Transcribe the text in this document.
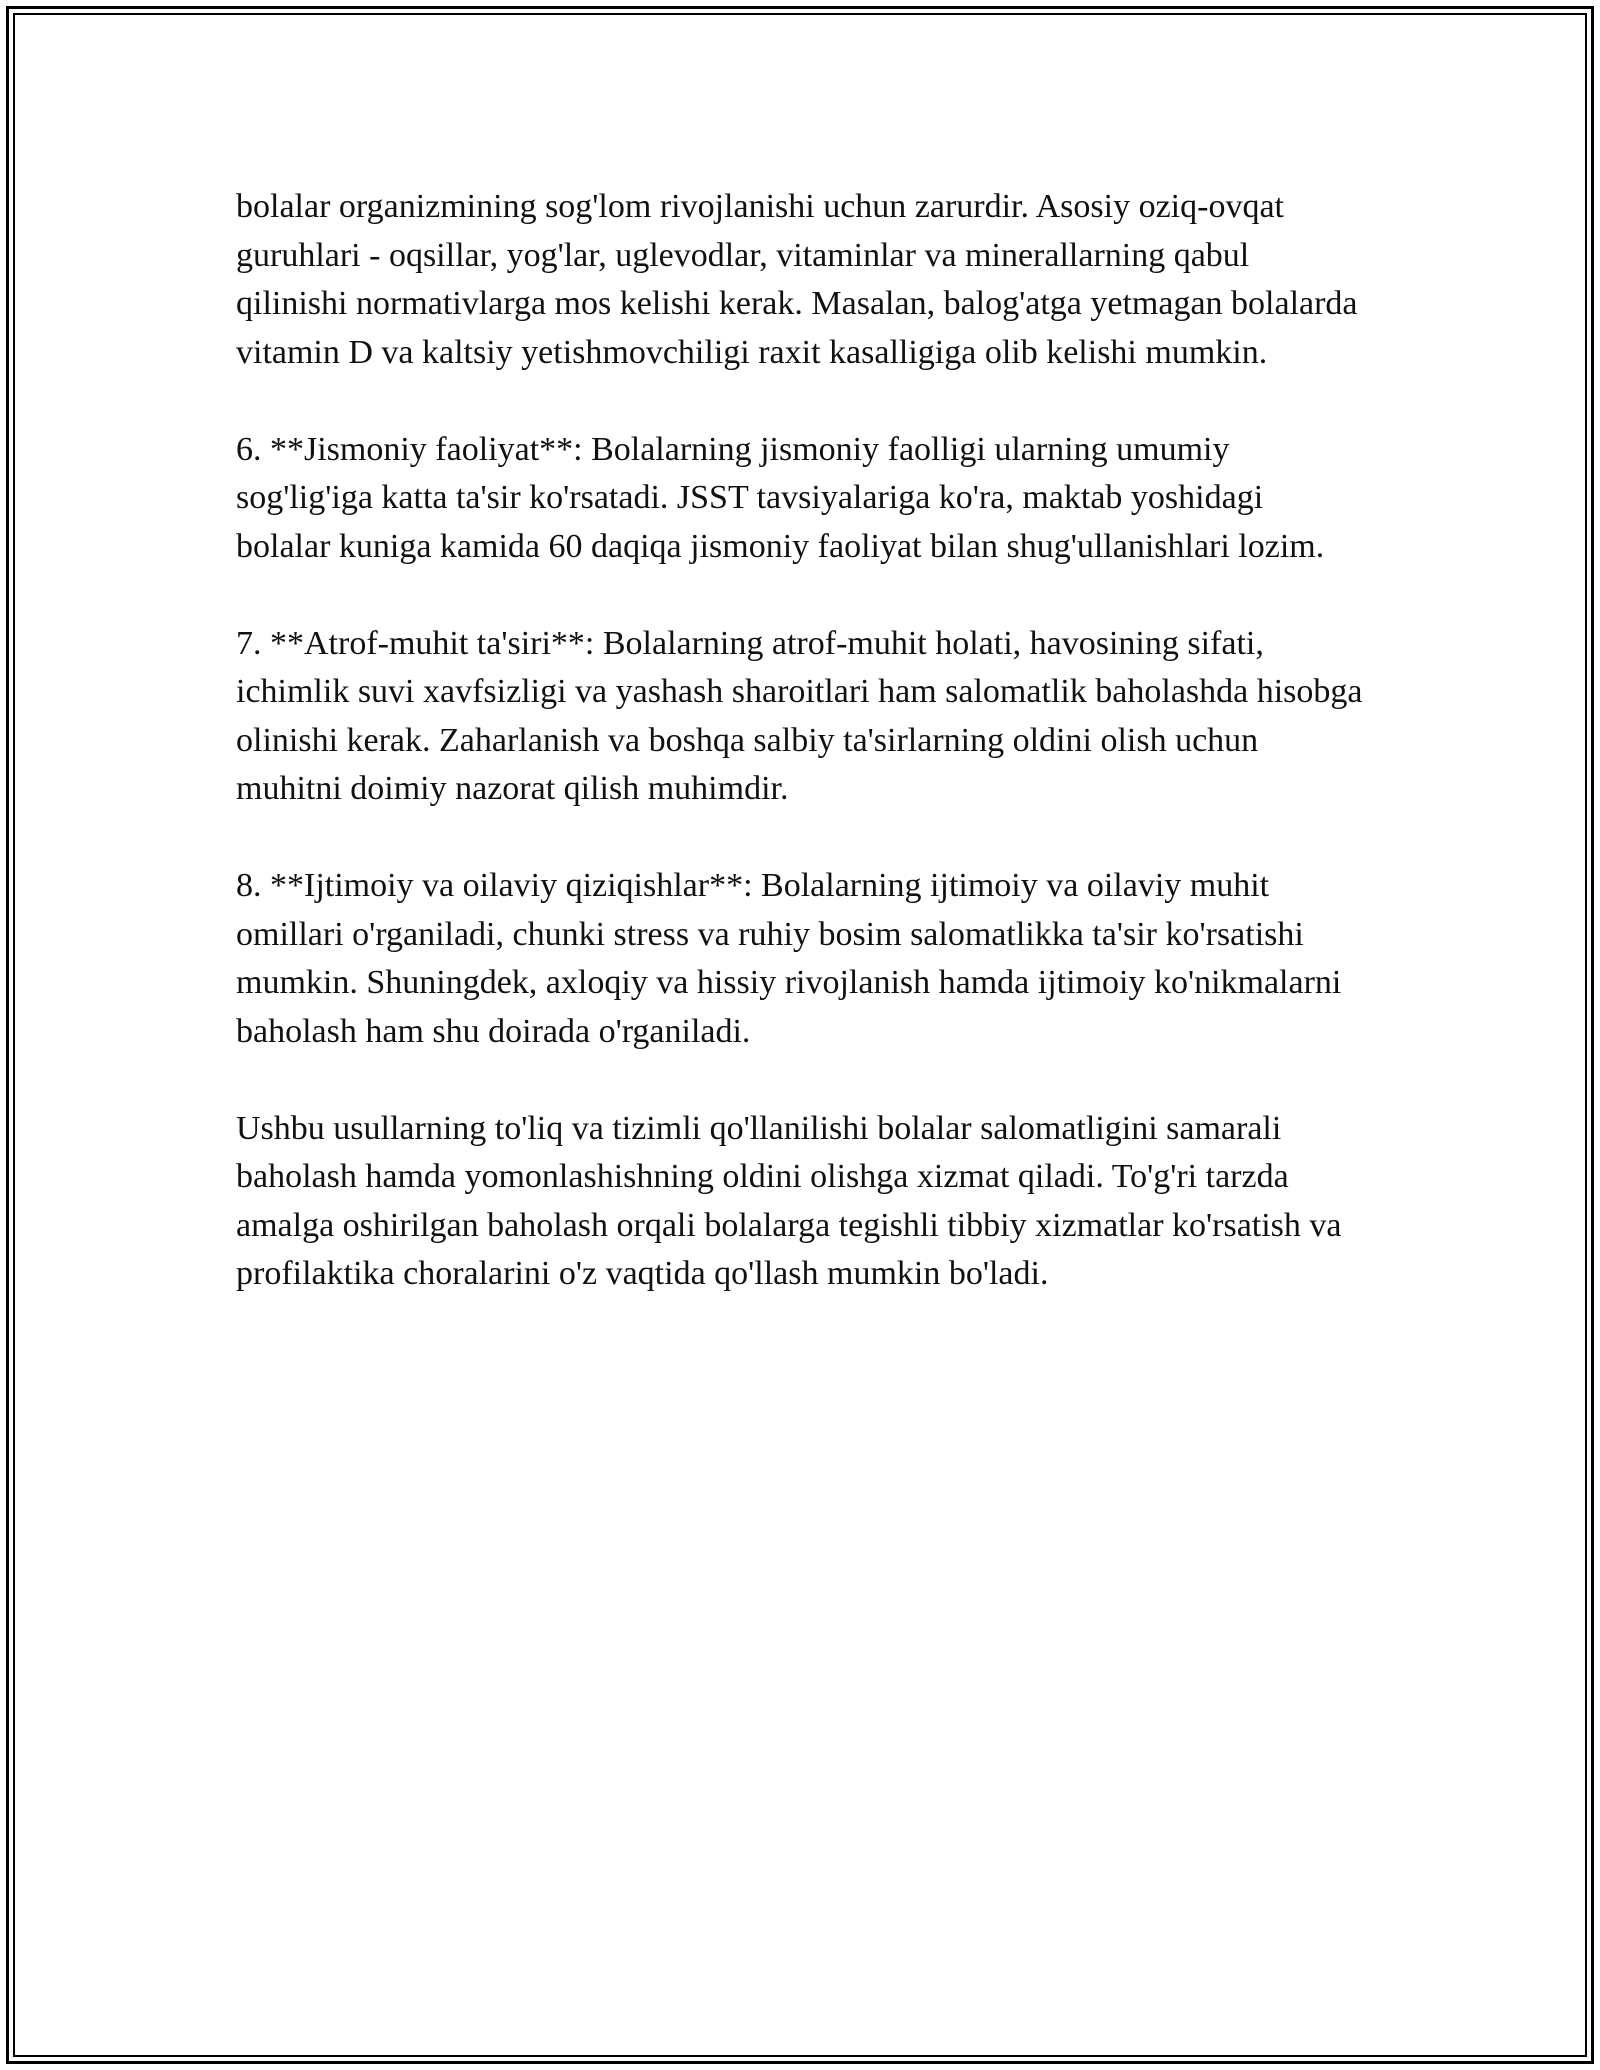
bolalar organizmining sog'lom rivojlanishi uchun zarurdir. Asosiy oziq-ovqat guruhlari - oqsillar, yog'lar, uglevodlar, vitaminlar va minerallarning qabul qilinishi normativlarga mos kelishi kerak. Masalan, balog'atga yetmagan bolalarda vitamin D va kaltsiy yetishmovchiligi raxit kasalligiga olib kelishi mumkin.

6. **Jismoniy faoliyat**: Bolalarning jismoniy faolligi ularning umumiy sog'lig'iga katta ta'sir ko'rsatadi. JSST tavsiyalariga ko'ra, maktab yoshidagi bolalar kuniga kamida 60 daqiqa jismoniy faoliyat bilan shug'ullanishlari lozim.

7. **Atrof-muhit ta'siri**: Bolalarning atrof-muhit holati, havosining sifati, ichimlik suvi xavfsizligi va yashash sharoitlari ham salomatlik baholashda hisobga olinishi kerak. Zaharlanish va boshqa salbiy ta'sirlarning oldini olish uchun muhitni doimiy nazorat qilish muhimdir.

8. **Ijtimoiy va oilaviy qiziqishlar**: Bolalarning ijtimoiy va oilaviy muhit omillari o'rganiladi, chunki stress va ruhiy bosim salomatlikka ta'sir ko'rsatishi mumkin. Shuningdek, axloqiy va hissiy rivojlanish hamda ijtimoiy ko'nikmalarni baholash ham shu doirada o'rganiladi.

Ushbu usullarning to'liq va tizimli qo'llanilishi bolalar salomatligini samarali baholash hamda yomonlashishning oldini olishga xizmat qiladi. To'g'ri tarzda amalga oshirilgan baholash orqali bolalarga tegishli tibbiy xizmatlar ko'rsatish va profilaktika choralarini o'z vaqtida qo'llash mumkin bo'ladi.
